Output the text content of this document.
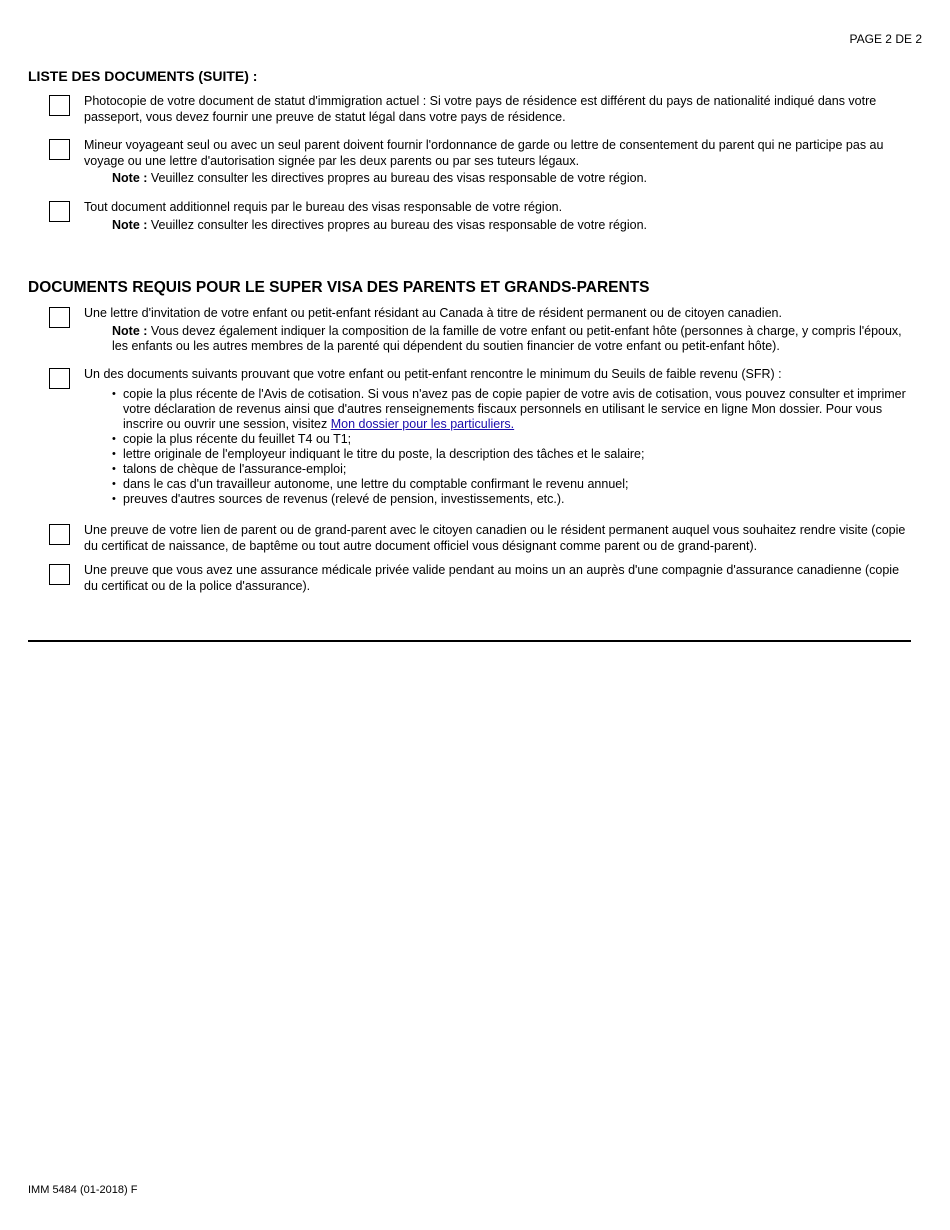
PAGE 2 DE 2
LISTE DES DOCUMENTS (SUITE) :
Photocopie de votre document de statut d'immigration actuel : Si votre pays de résidence est différent du pays de nationalité indiqué dans votre passeport, vous devez fournir une preuve de statut légal dans votre pays de résidence.
Mineur voyageant seul ou avec un seul parent doivent fournir l'ordonnance de garde ou lettre de consentement du parent qui ne participe pas au voyage ou une lettre d'autorisation signée par les deux parents ou par ses tuteurs légaux.
Note : Veuillez consulter les directives propres au bureau des visas responsable de votre région.
Tout document additionnel requis par le bureau des visas responsable de votre région.
Note : Veuillez consulter les directives propres au bureau des visas responsable de votre région.
DOCUMENTS REQUIS POUR LE SUPER VISA DES PARENTS ET GRANDS-PARENTS
Une lettre d'invitation de votre enfant ou petit-enfant résidant au Canada à titre de résident permanent ou de citoyen canadien.
Note : Vous devez également indiquer la composition de la famille de votre enfant ou petit-enfant hôte (personnes à charge, y compris l'époux, les enfants ou les autres membres de la parenté qui dépendent du soutien financier de votre enfant ou petit-enfant hôte).
Un des documents suivants prouvant que votre enfant ou petit-enfant rencontre le minimum du Seuils de faible revenu (SFR) :
• copie la plus récente de l'Avis de cotisation. Si vous n'avez pas de copie papier de votre avis de cotisation, vous pouvez consulter et imprimer votre déclaration de revenus ainsi que d'autres renseignements fiscaux personnels en utilisant le service en ligne Mon dossier. Pour vous inscrire ou ouvrir une session, visitez Mon dossier pour les particuliers.
• copie la plus récente du feuillet T4 ou T1;
• lettre originale de l'employeur indiquant le titre du poste, la description des tâches et le salaire;
• talons de chèque de l'assurance-emploi;
• dans le cas d'un travailleur autonome, une lettre du comptable confirmant le revenu annuel;
• preuves d'autres sources de revenus (relevé de pension, investissements, etc.).
Une preuve de votre lien de parent ou de grand-parent avec le citoyen canadien ou le résident permanent auquel vous souhaitez rendre visite (copie du certificat de naissance, de baptême ou tout autre document officiel vous désignant comme parent ou de grand-parent).
Une preuve que vous avez une assurance médicale privée valide pendant au moins un an auprès d'une compagnie d'assurance canadienne (copie du certificat ou de la police d'assurance).
IMM 5484 (01-2018) F
